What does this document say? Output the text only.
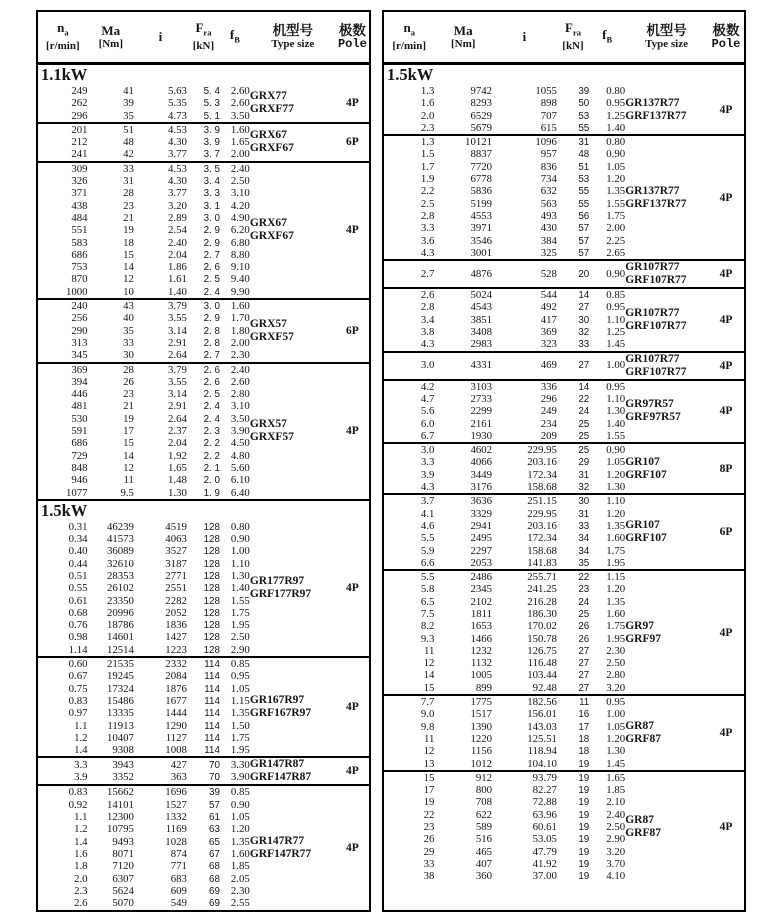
$n_a$
[r/min]
Ma
[Nm]	i
$F_{ra}$
[kN]
$f_B$
机型号
Type size
极数
Pole
1.1kW
249	41	5.63	5. 4	2.60
262	39	5.35	5. 3	2.60
296	35	4.73	5. 1	3.50
GRX77
GRXF77	4P
201	51	4.53	3. 9	1.60
212	48	4.30	3. 9	1.65
241	42	3.77	3. 7	2.00
GRX67
GRXF67	6P
309	33	4.53	3. 5	2.40
326	31	4.30	3. 4	2.50
371	28	3.77	3. 3	3.10
438	23	3.20	3. 1	4.20
484	21	2.89	3. 0	4.90
551	19	2.54	2. 9	6.20
583	18	2.40	2. 9	6.80
686	15	2.04	2. 7	8.80
753	14	1.86	2. 6	9.10
870	12	1.61	2. 5	9.40
1000	10	1.40	2. 4	9.90
GRX67
GRXF67	4P
240	43	3.79	3. 0	1.60
256	40	3.55	2. 9	1.70
290	35	3.14	2. 8	1.80
313	33	2.91	2. 8	2.00
345	30	2.64	2. 7	2.30
GRX57
GRXF57	6P
369	28	3.79	2. 6	2.40
394	26	3.55	2. 6	2.60
446	23	3.14	2. 5	2.80
481	21	2.91	2. 4	3.10
530	19	2.64	2. 4	3.50
591	17	2.37	2. 3	3.90
686	15	2.04	2. 2	4.50
729	14	1.92	2. 2	4.80
848	12	1.65	2. 1	5.60
946	11	1.48	2. 0	6.10
1077	9.5	1.30	1. 9	6.40
GRX57
GRXF57	4P
1.5kW
0.31	46239	4519	128	0.80
0.34	41573	4063	128	0.90
0.40	36089	3527	128	1.00
0.44	32610	3187	128	1.10
0.51	28353	2771	128	1.30
0.55	26102	2551	128	1.40
0.61	23350	2282	128	1.55
0.68	20996	2052	128	1.75
0.76	18786	1836	128	1.95
0.98	14601	1427	128	2.50
1.14	12514	1223	128	2.90
GR177R97
GRF177R97	4P
0.60	21535	2332	114	0.85
0.67	19245	2084	114	0.95
0.75	17324	1876	114	1.05
0.83	15486	1677	114	1.15
0.97	13335	1444	114	1.35
1.1	11913	1290	114	1.50
1.2	10407	1127	114	1.75
1.4	9308	1008	114	1.95
GR167R97
GRF167R97	4P
3.3	3943	427	70	3.30
3.9	3352	363	70	3.90
GR147R87
GRF147R87	4P
0.83	15662	1696	39	0.85
0.92	14101	1527	57	0.90
1.1	12300	1332	61	1.05
1.2	10795	1169	63	1.20
1.4	9493	1028	65	1.35
1.6	8071	874	67	1.60
1.8	7120	771	68	1.85
2.0	6307	683	68	2.05
2.3	5624	609	69	2.30
2.6	5070	549	69	2.55
GR147R77
GRF147R77	4P
$n_a$
[r/min]
Ma
[Nm]	i
$F_{ra}$
[kN]
$f_B$
机型号
Type size
极数
Pole
1.5kW
1.3	9742	1055	39	0.80
1.6	8293	898	50	0.95
2.0	6529	707	53	1.25
2.3	5679	615	55	1.40
GR137R77
GRF137R77	4P
1.3	10121	1096	31	0.80
1.5	8837	957	48	0.90
1.7	7720	836	51	1.05
1.9	6778	734	53	1.20
2.2	5836	632	55	1.35
2.5	5199	563	55	1.55
2.8	4553	493	56	1.75
3.3	3971	430	57	2.00
3.6	3546	384	57	2.25
4.3	3001	325	57	2.65
GR137R77
GRF137R77	4P
2.7	4876	528	20	0.90
GR107R77
GRF107R77	4P
2.6	5024	544	14	0.85
2.8	4543	492	27	0.95
3.4	3851	417	30	1.10
3.8	3408	369	32	1.25
4.3	2983	323	33	1.45
GR107R77
GRF107R77	4P
3.0	4331	469	27	1.00
GR107R77
GRF107R77	4P
4.2	3103	336	14	0.95
4.7	2733	296	22	1.10
5.6	2299	249	24	1.30
6.0	2161	234	25	1.40
6.7	1930	209	25	1.55
GR97R57
GRF97R57	4P
3.0	4602	229.95	25	0.90
3.3	4066	203.16	29	1.05
3.9	3449	172.34	31	1.20
4.3	3176	158.68	32	1.30
GR107
GRF107	8P
3.7	3636	251.15	30	1.10
4.1	3329	229.95	31	1.20
4.6	2941	203.16	33	1.35
5.5	2495	172.34	34	1.60
5.9	2297	158.68	34	1.75
6.6	2053	141.83	35	1.95
GR107
GRF107	6P
5.5	2486	255.71	22	1.15
5.8	2345	241.25	23	1.20
6.5	2102	216.28	24	1.35
7.5	1811	186.30	25	1.60
8.2	1653	170.02	26	1.75
9.3	1466	150.78	26	1.95
11	1232	126.75	27	2.30
12	1132	116.48	27	2.50
14	1005	103.44	27	2.80
15	899	92.48	27	3.20
GR97
GRF97	4P
7.7	1775	182.56	11	0.95
9.0	1517	156.01	16	1.00
9.8	1390	143.03	17	1.05
11	1220	125.51	18	1.20
12	1156	118.94	18	1.30
13	1012	104.10	19	1.45
GR87
GRF87	4P
15	912	93.79	19	1.65
17	800	82.27	19	1.85
19	708	72.88	19	2.10
22	622	63.96	19	2.40
23	589	60.61	19	2.50
26	516	53.05	19	2.90
29	465	47.79	19	3.20
33	407	41.92	19	3.70
38	360	37.00	19	4.10
GR87
GRF87	4P
